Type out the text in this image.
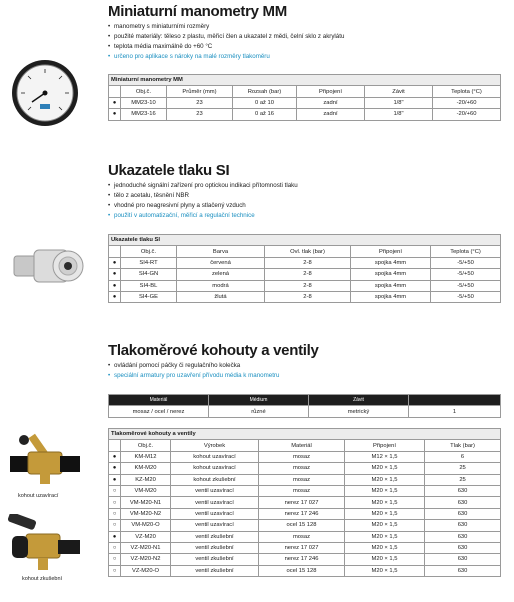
Miniaturní manometry MM
• manometry s miniaturními rozměry
• použité materiály: těleso z plastu, měřicí člen a ukazatel z mědi, čelní sklo z akrylátu
• teplota média maximálně do +60 °C
• určeno pro aplikace s nároky na malé rozměry tlakoměru
Miniaturní manometry MM						
	Obj.č.	Průměr (mm)	Rozsah (bar)	Připojení	Závit	Teplota (°C)
●	MM23-10	23	0 až 10	zadní	1/8"	-20/+60
●	MM23-16	23	0 až 16	zadní	1/8"	-20/+60
Ukazatele tlaku SI
• jednoduché signální zařízení pro optickou indikaci přítomnosti tlaku
• tělo z acetalu, těsnění NBR
• vhodné pro neagresivní plyny a stlačený vzduch
• použití v automatizační, měřicí a regulační technice
Ukazatele tlaku SI					
	Obj.č.	Barva	Ovl. tlak (bar)	Připojení	Teplota (°C)
●	SI4-RT	červená	2-8	spojka 4mm	-5/+50
●	SI4-GN	zelená	2-8	spojka 4mm	-5/+50
●	SI4-BL	modrá	2-8	spojka 4mm	-5/+50
●	SI4-GE	žlutá	2-8	spojka 4mm	-5/+50
Tlakoměrové kohouty a ventily
• ovládání pomocí páčky či regulačního kolečka
• speciální armatury pro uzavření přívodu média k manometru
Materiál	Médium	Závit	
mosaz / ocel / nerez	různé	metrický	1
Tlakoměrové kohouty a ventily					
	Obj.č.	Výrobek	Materiál	Připojení	Tlak (bar)
●	KM-M12	kohout uzavírací	mosaz	M12 × 1,5	6
●	KM-M20	kohout uzavírací	mosaz	M20 × 1,5	25
●	KZ-M20	kohout zkušební	mosaz	M20 × 1,5	25
○	VM-M20	ventil uzavírací	mosaz	M20 × 1,5	630
○	VM-M20-N1	ventil uzavírací	nerez 17 027	M20 × 1,5	630
○	VM-M20-N2	ventil uzavírací	nerez 17 246	M20 × 1,5	630
○	VM-M20-O	ventil uzavírací	ocel 15 128	M20 × 1,5	630
●	VZ-M20	ventil zkušební	mosaz	M20 × 1,5	630
○	VZ-M20-N1	ventil zkušební	nerez 17 027	M20 × 1,5	630
○	VZ-M20-N2	ventil zkušební	nerez 17 246	M20 × 1,5	630
○	VZ-M20-O	ventil zkušební	ocel 15 128	M20 × 1,5	630
kohout uzavírací
kohout zkušební
